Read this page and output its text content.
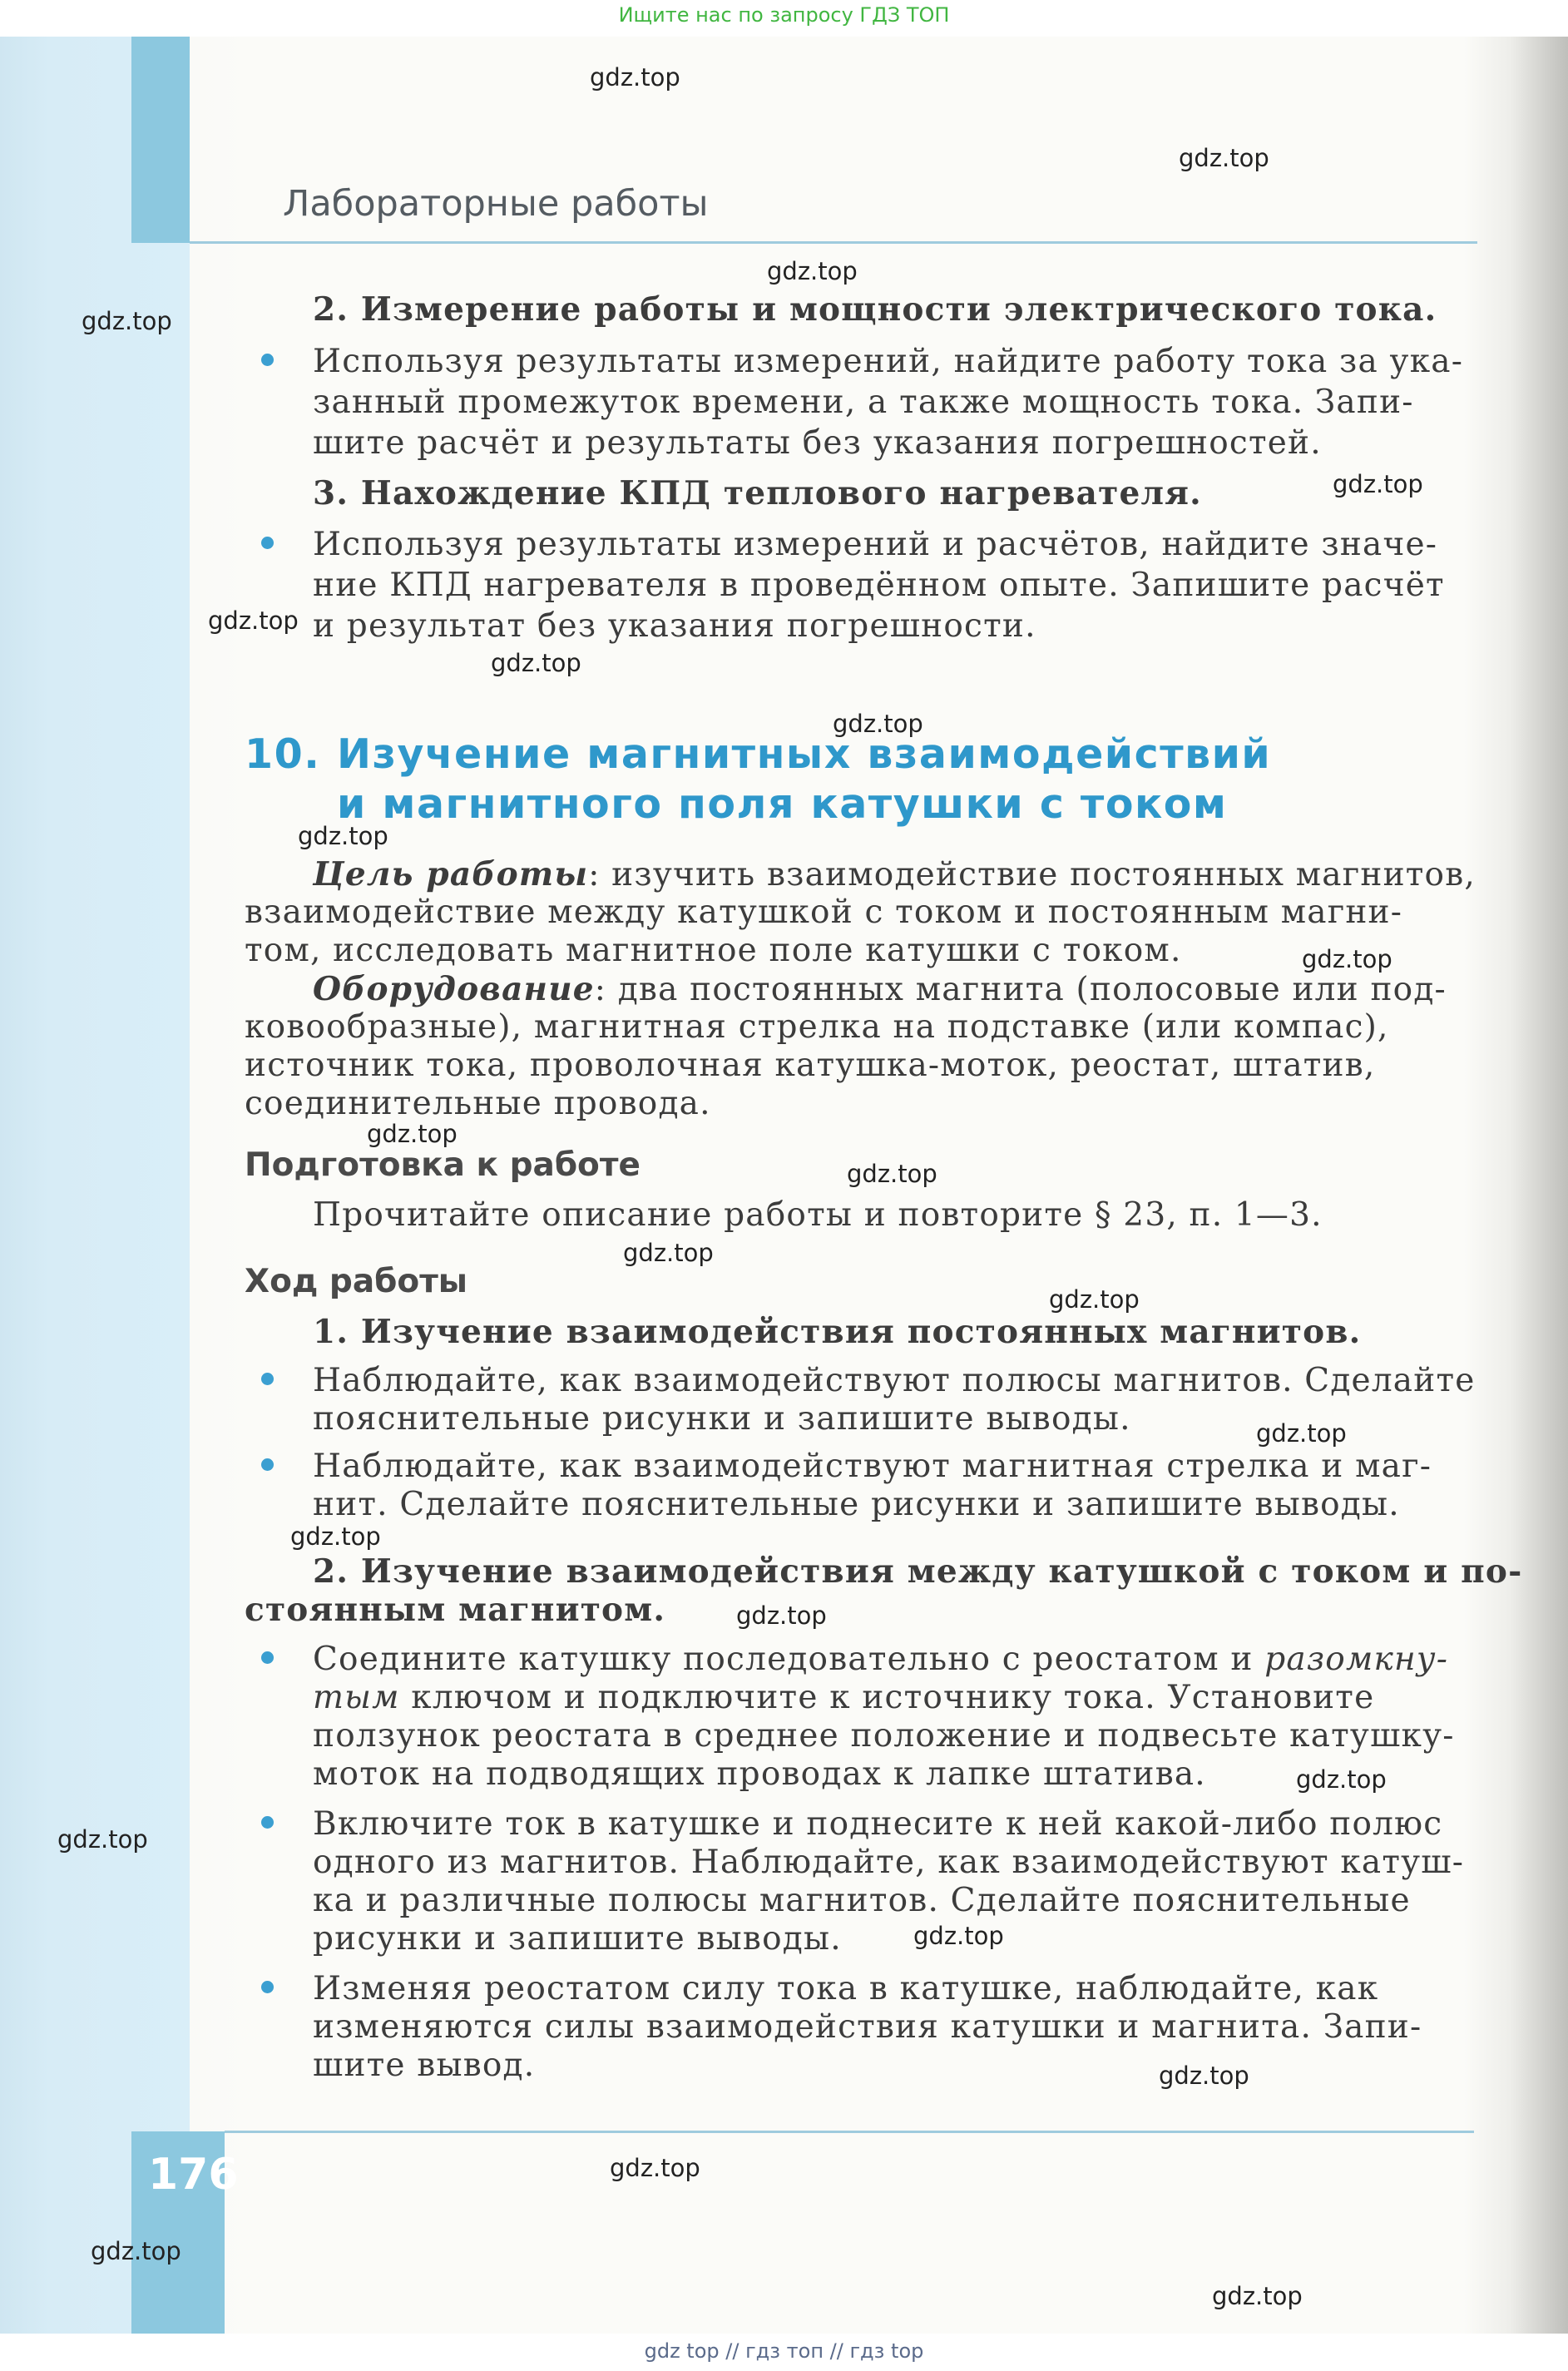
Лабораторные работы
2. Измерение работы и мощности электрического тока.
Используя результаты измерений, найдите работу тока за ука-
занный промежуток времени, а также мощность тока. Запи-
шите расчёт и результаты без указания погрешностей.
3. Нахождение КПД теплового нагревателя.
Используя результаты измерений и расчётов, найдите значе-
ние КПД нагревателя в проведённом опыте. Запишите расчёт
и результат без указания погрешности.
10. Изучение магнитных взаимодействий
и магнитного поля катушки с током
Цель работы: изучить взаимодействие постоянных магнитов,
взаимодействие между катушкой с током и постоянным магни-
том, исследовать магнитное поле катушки с током.
Оборудование: два постоянных магнита (полосовые или под-
ковообразные), магнитная стрелка на подставке (или компас),
источник тока, проволочная катушка-моток, реостат, штатив,
соединительные провода.
Подготовка к работе
Прочитайте описание работы и повторите § 23, п. 1—3.
Ход работы
1. Изучение взаимодействия постоянных магнитов.
Наблюдайте, как взаимодействуют полюсы магнитов. Сделайте
пояснительные рисунки и запишите выводы.
Наблюдайте, как взаимодействуют магнитная стрелка и маг-
нит. Сделайте пояснительные рисунки и запишите выводы.
2. Изучение взаимодействия между катушкой с током и по-
стоянным магнитом.
Соедините катушку последовательно с реостатом и разомкну-
тым ключом и подключите к источнику тока. Установите
ползунок реостата в среднее положение и подвесьте катушку-
моток на подводящих проводах к лапке штатива.
Включите ток в катушке и поднесите к ней какой-либо полюс
одного из магнитов. Наблюдайте, как взаимодействуют катуш-
ка и различные полюсы магнитов. Сделайте пояснительные
рисунки и запишите выводы.
Изменяя реостатом силу тока в катушке, наблюдайте, как
изменяются силы взаимодействия катушки и магнита. Запи-
шите вывод.
176
gdz.top
gdz.top
gdz.top
gdz.top
gdz.top
gdz.top
gdz.top
gdz.top
gdz.top
gdz.top
gdz.top
gdz.top
gdz.top
gdz.top
gdz.top
gdz.top
gdz.top
gdz.top
gdz.top
gdz.top
gdz.top
gdz.top
gdz.top
gdz.top
Ищите нас по запросу ГДЗ ТОП
gdz top // гдз топ // гдз top
